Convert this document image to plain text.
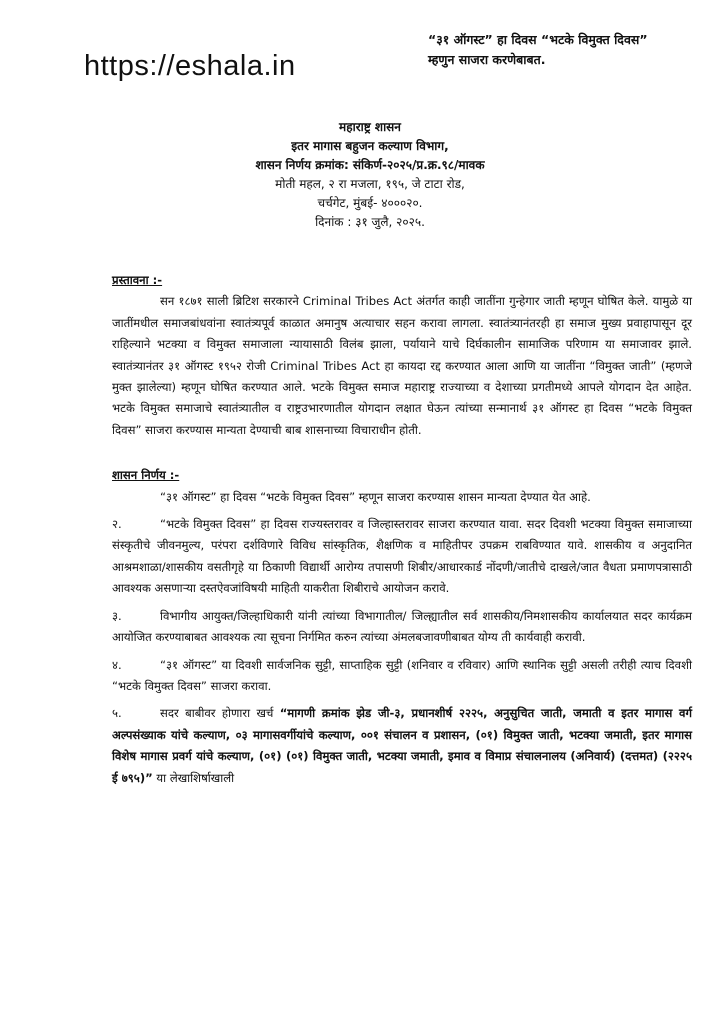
https://eshala.in
“३१ ऑगस्ट” हा दिवस “भटके विमुक्त दिवस”
म्हणुन साजरा करणेबाबत.
महाराष्ट्र शासन
इतर मागास बहुजन कल्याण विभाग,
शासन निर्णय क्रमांक: संकिर्ण-२०२५/प्र.क्र.९८/मावक
मोती महल, २ रा मजला, १९५, जे टाटा रोड,
चर्चगेट, मुंबई- ४०००२०.
दिनांक : ३१ जुलै, २०२५.
प्रस्तावना :-

सन १८७१ साली ब्रिटिश सरकारने Criminal Tribes Act अंतर्गत काही जातींना गुन्हेगार जाती म्हणून घोषित केले. यामुळे या जातींमधील समाजबांधवांना स्वातंत्र्यपूर्व काळात अमानुष अत्याचार सहन करावा लागला. स्वातंत्र्यानंतरही हा समाज मुख्य प्रवाहापासून दूर राहिल्याने भटक्या व विमुक्त समाजाला न्यायासाठी विलंब झाला, पर्यायाने याचे दिर्घकालीन सामाजिक परिणाम या समाजावर झाले. स्वातंत्र्यानंतर ३१ ऑगस्ट १९५२ रोजी Criminal Tribes Act हा कायदा रद्द करण्यात आला आणि या जातींना “विमुक्त जाती” (म्हणजे मुक्त झालेल्या) म्हणून घोषित करण्यात आले. भटके विमुक्त समाज महाराष्ट्र राज्याच्या व देशाच्या प्रगतीमध्ये आपले योगदान देत आहेत. भटके विमुक्त समाजाचे स्वातंत्र्यातील व राष्ट्रउभारणातील योगदान लक्षात घेऊन त्यांच्या सन्मानार्थ ३१ ऑगस्ट हा दिवस “भटके विमुक्त दिवस” साजरा करण्यास मान्यता देण्याची बाब शासनाच्या विचाराधीन होती.

शासन निर्णय :-

“३१ ऑगस्ट” हा दिवस “भटके विमुक्त दिवस” म्हणून साजरा करण्यास शासन मान्यता देण्यात येत आहे.

२.	“भटके विमुक्त दिवस” हा दिवस राज्यस्तरावर व जिल्हास्तरावर साजरा करण्यात यावा. सदर दिवशी भटक्या विमुक्त समाजाच्या संस्कृतीचे जीवनमुल्य, परंपरा दर्शविणारे विविध सांस्कृतिक, शैक्षणिक व माहितीपर उपक्रम राबविण्यात यावे. शासकीय व अनुदानित आश्रमशाळा/शासकीय वसतीगृहे या ठिकाणी विद्यार्थी आरोग्य तपासणी शिबीर/आधारकार्ड नोंदणी/जातीचे दाखले/जात वैधता प्रमाणपत्रासाठी आवश्यक असणाऱ्या दस्तऐवजांविषयी माहिती याकरीता शिबीराचे आयोजन करावे.

३.	विभागीय आयुक्त/जिल्हाधिकारी यांनी त्यांच्या विभागातील/ जिल्ह्यातील सर्व शासकीय/निमशासकीय कार्यालयात सदर कार्यक्रम आयोजित करण्याबाबत आवश्यक त्या सूचना निर्गमित करुन त्यांच्या अंमलबजावणीबाबत योग्य ती कार्यवाही करावी.

४.	“३१ ऑगस्ट” या दिवशी सार्वजनिक सुट्टी, साप्ताहिक सुट्टी (शनिवार व रविवार) आणि स्थानिक सुट्टी असली तरीही त्याच दिवशी “भटके विमुक्त दिवस” साजरा करावा.

५.	सदर बाबीवर होणारा खर्च “मागणी क्रमांक झेड जी-३, प्रधानशीर्ष २२२५, अनुसुचित जाती, जमाती व इतर मागास वर्ग अल्पसंख्याक यांचे कल्याण, ०३ मागासवर्गीयांचे कल्याण, ००१ संचालन व प्रशासन, (०१) विमुक्त जाती, भटक्या जमाती, इतर मागास विशेष मागास प्रवर्ग यांचे कल्याण, (०१) (०१) विमुक्त जाती, भटक्या जमाती, इमाव व विमाप्र संचालनालय (अनिवार्य) (दत्तमत) (२२२५ ई ७९५)” या लेखाशिर्षाखाली
